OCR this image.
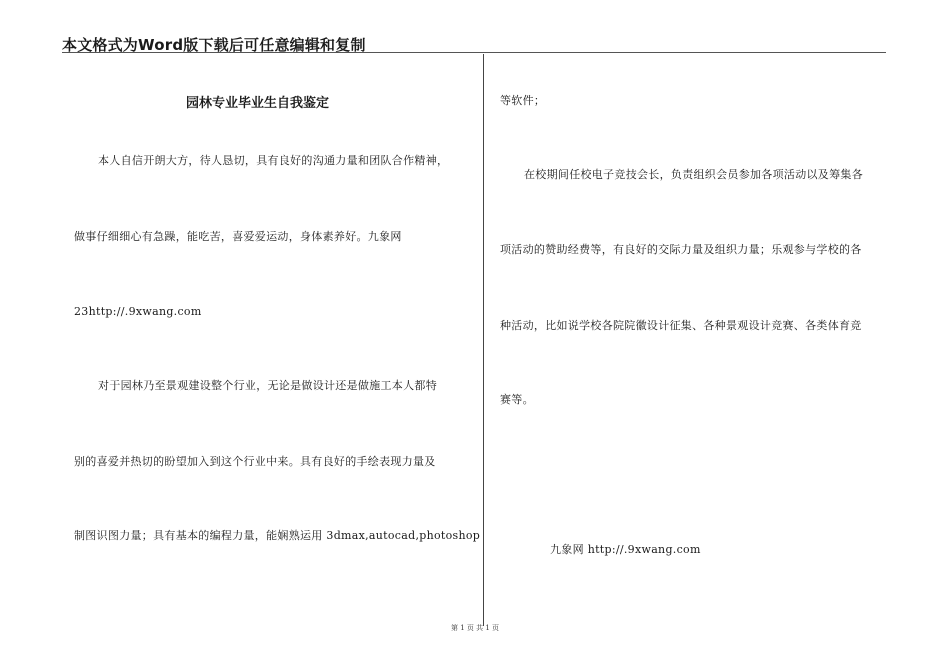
本文格式为Word版下载后可任意编辑和复制
园林专业毕业生自我鉴定
本人自信开朗大方，待人恳切，具有良好的沟通力量和团队合作精神，
做事仔细细心有急躁，能吃苦，喜爱爱运动，身体素养好。九象网
23http://.9xwang.com
对于园林乃至景观建设整个行业，无论是做设计还是做施工本人都特
别的喜爱并热切的盼望加入到这个行业中来。具有良好的手绘表现力量及
制图识图力量；具有基本的编程力量，能娴熟运用 3dmax,autocad,photoshop
等软件；
在校期间任校电子竞技会长，负责组织会员参加各项活动以及筹集各
项活动的赞助经费等，有良好的交际力量及组织力量；乐观参与学校的各
种活动，比如说学校各院院徽设计征集、各种景观设计竞赛、各类体育竞
赛等。
九象网 http://.9xwang.com
第 1 页 共 1 页
